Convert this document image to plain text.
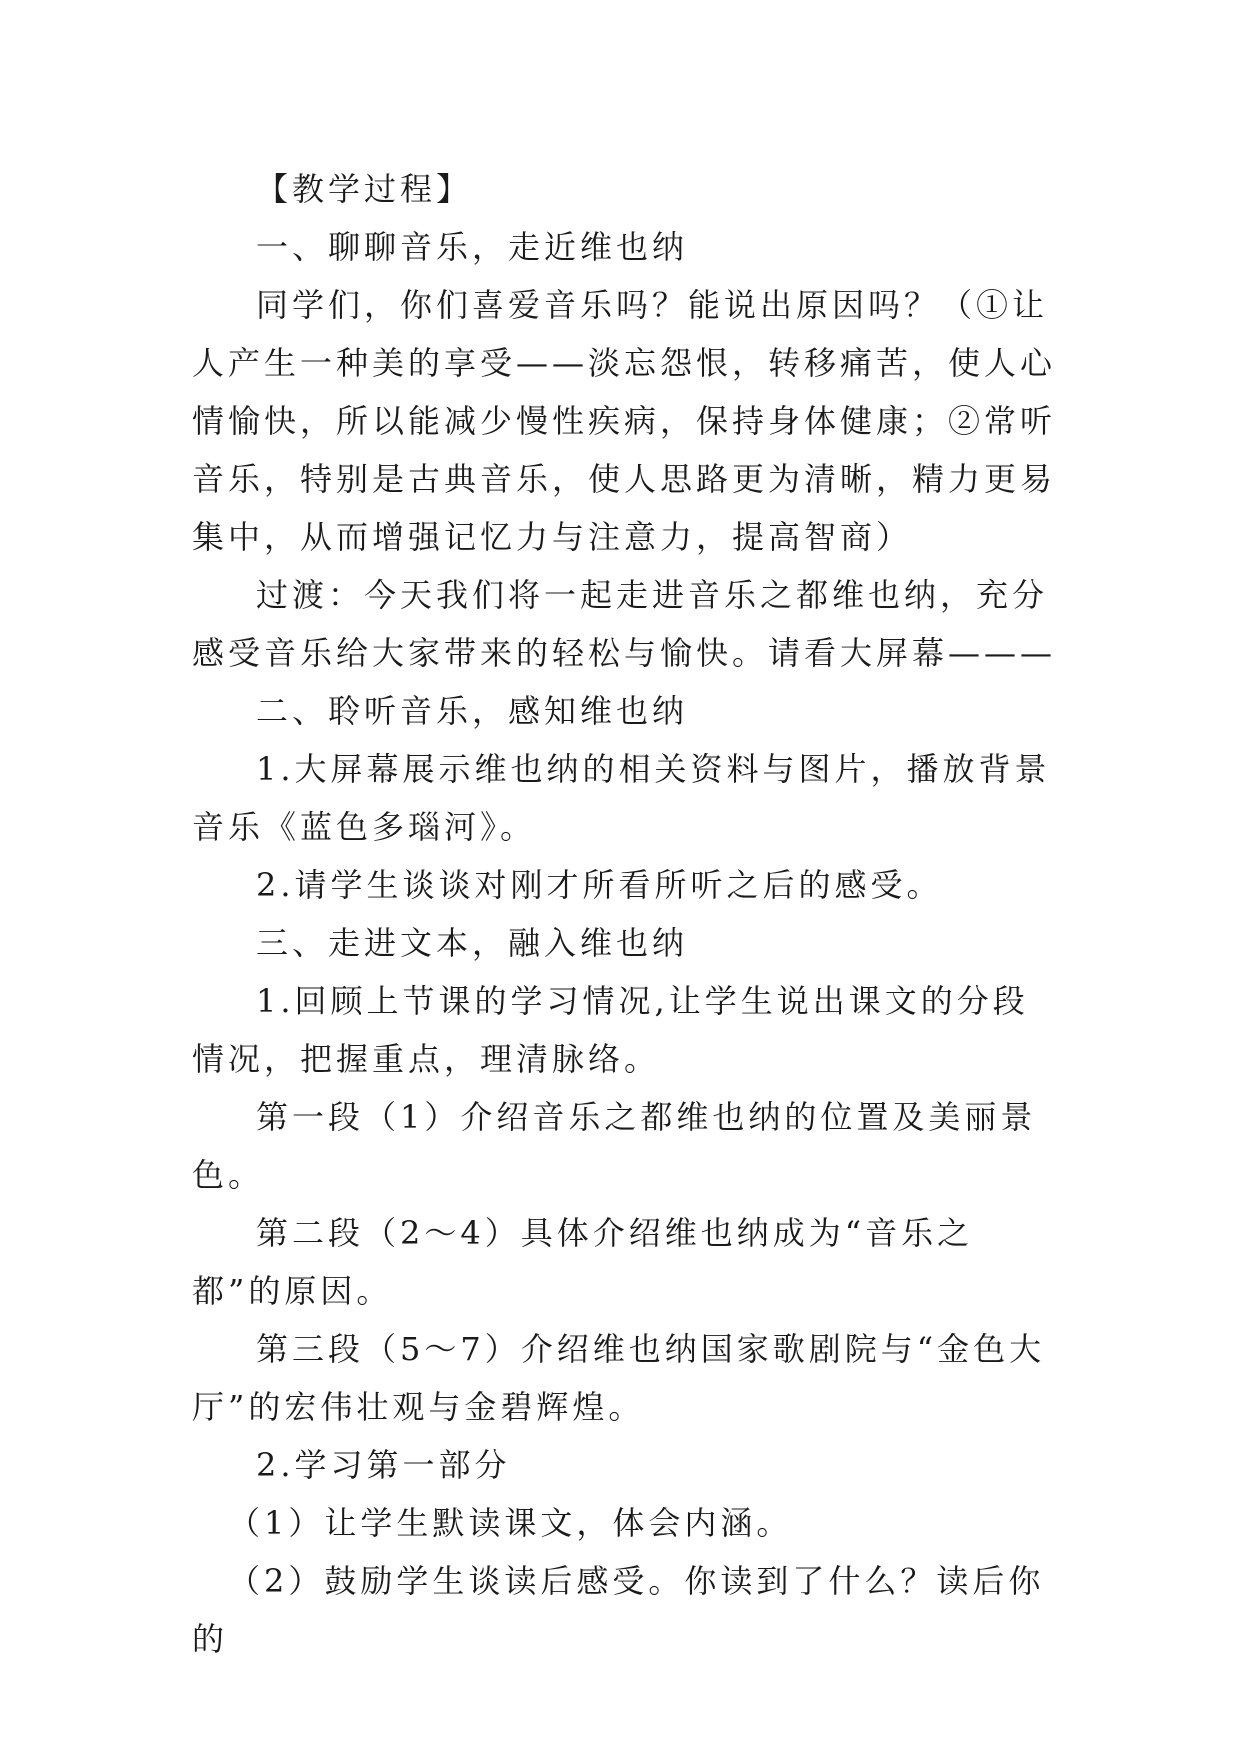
【教学过程】

一、聊聊音乐，走近维也纳

同学们，你们喜爱音乐吗？能说出原因吗？（①让人产生一种美的享受——淡忘怨恨，转移痛苦，使人心情愉快，所以能减少慢性疾病，保持身体健康；②常听音乐，特别是古典音乐，使人思路更为清晰，精力更易集中，从而增强记忆力与注意力，提高智商）

过渡：今天我们将一起走进音乐之都维也纳，充分感受音乐给大家带来的轻松与愉快。请看大屏幕———

二、聆听音乐，感知维也纳

1.大屏幕展示维也纳的相关资料与图片，播放背景音乐《蓝色多瑙河》。

2.请学生谈谈对刚才所看所听之后的感受。

三、走进文本，融入维也纳

1.回顾上节课的学习情况,让学生说出课文的分段情况，把握重点，理清脉络。

第一段（1）介绍音乐之都维也纳的位置及美丽景色。

第二段（2～4）具体介绍维也纳成为“音乐之都”的原因。

第三段（5～7）介绍维也纳国家歌剧院与“金色大厅”的宏伟壮观与金碧辉煌。

2.学习第一部分

（1）让学生默读课文，体会内涵。

（2）鼓励学生谈读后感受。你读到了什么？读后你的
